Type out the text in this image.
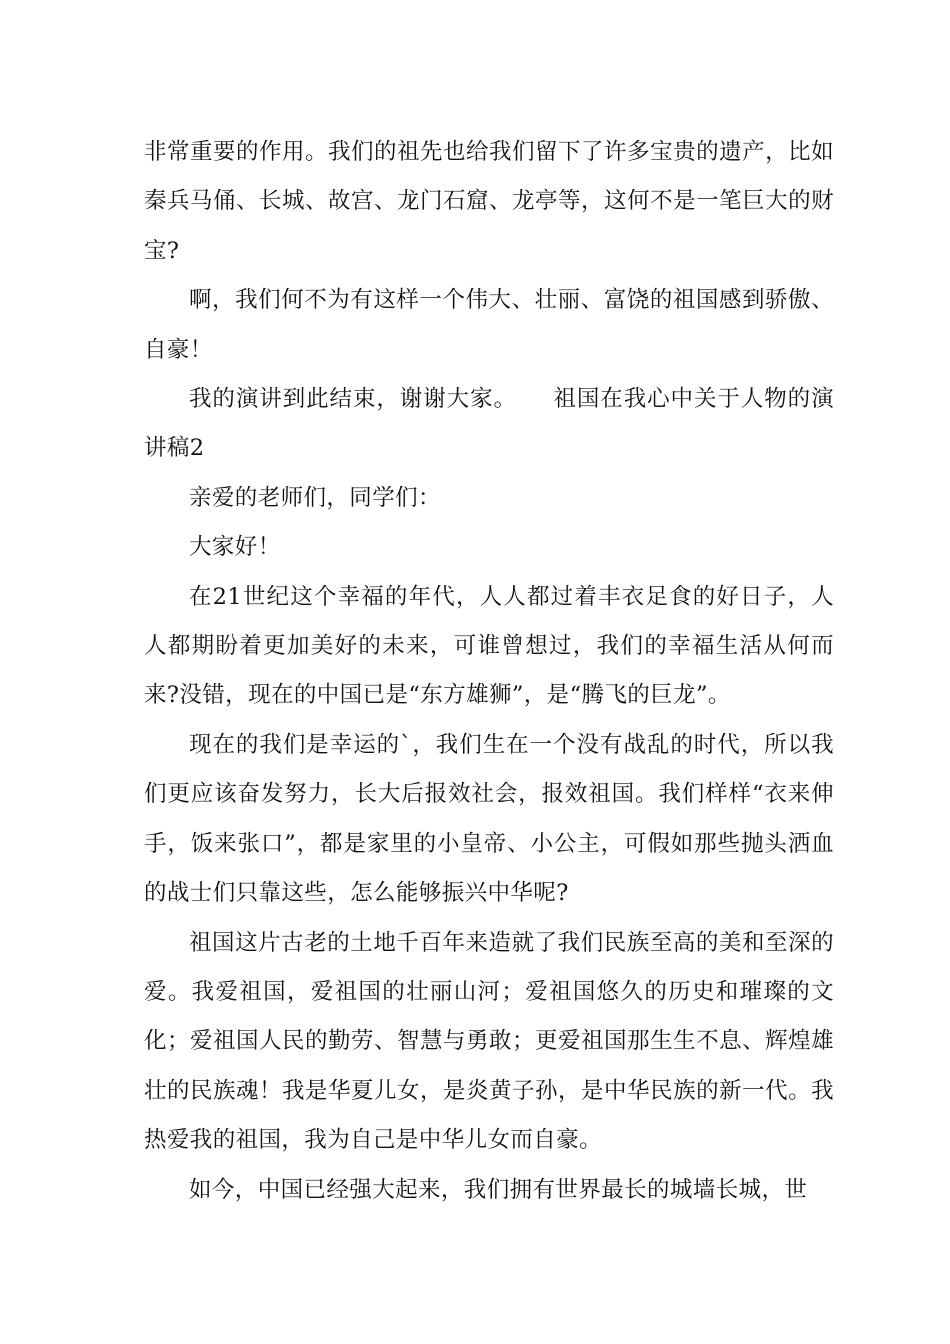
非常重要的作用。我们的祖先也给我们留下了许多宝贵的遗产，比如秦兵马俑、长城、故宫、龙门石窟、龙亭等，这何不是一笔巨大的财宝?

啊，我们何不为有这样一个伟大、壮丽、富饶的祖国感到骄傲、自豪！

我的演讲到此结束，谢谢大家。 祖国在我心中关于人物的演讲稿2

亲爱的老师们，同学们：

大家好！

在21世纪这个幸福的年代，人人都过着丰衣足食的好日子，人人都期盼着更加美好的未来，可谁曾想过，我们的幸福生活从何而来?没错，现在的中国已是“东方雄狮”，是“腾飞的巨龙”。

现在的我们是幸运的`，我们生在一个没有战乱的时代，所以我们更应该奋发努力，长大后报效社会，报效祖国。我们样样“衣来伸手，饭来张口”，都是家里的小皇帝、小公主，可假如那些抛头洒血的战士们只靠这些，怎么能够振兴中华呢?

祖国这片古老的土地千百年来造就了我们民族至高的美和至深的爱。我爱祖国，爱祖国的壮丽山河；爱祖国悠久的历史和璀璨的文化；爱祖国人民的勤劳、智慧与勇敢；更爱祖国那生生不息、辉煌雄壮的民族魂！我是华夏儿女，是炎黄子孙，是中华民族的新一代。我热爱我的祖国，我为自己是中华儿女而自豪。

如今，中国已经强大起来，我们拥有世界最长的城墙长城，世
